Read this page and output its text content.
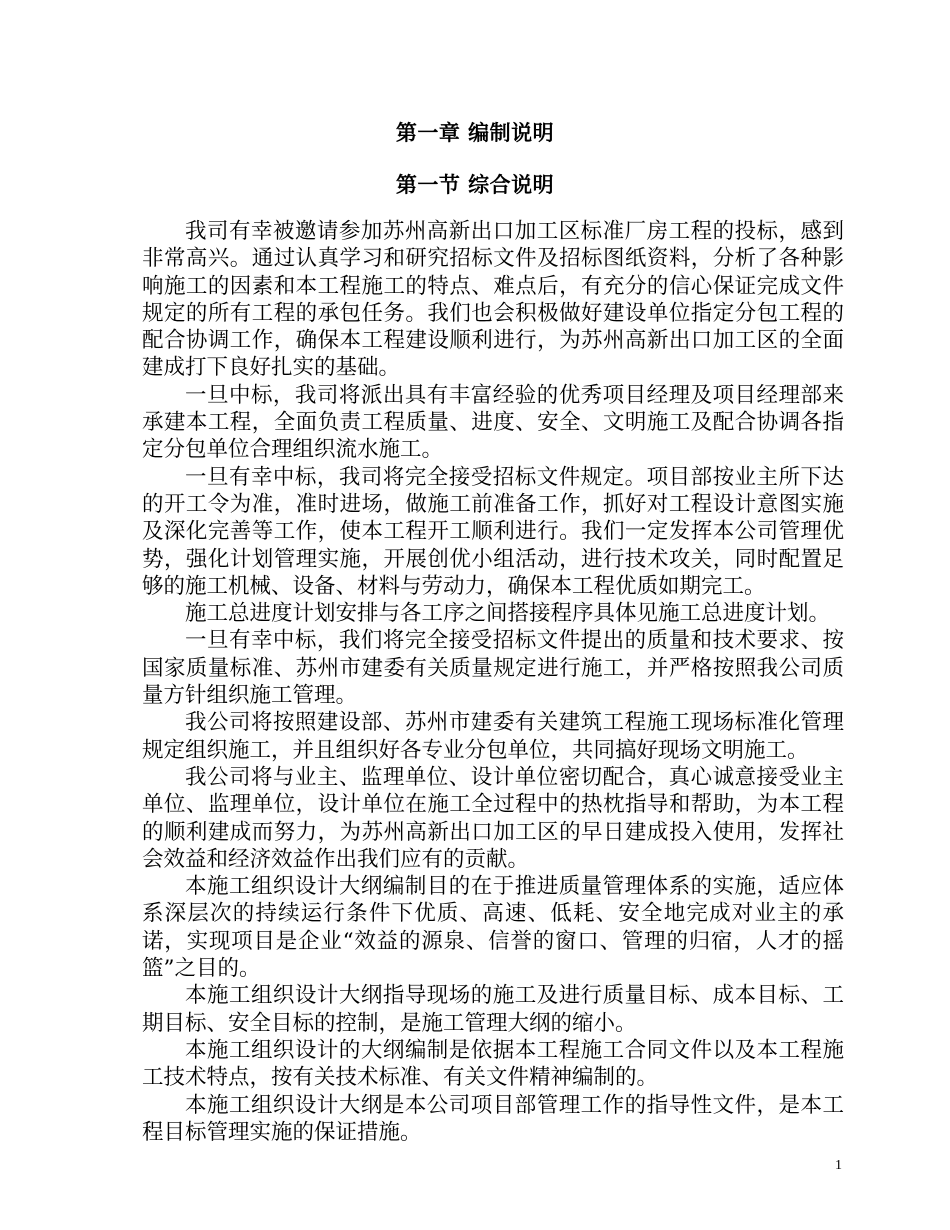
第一章 编制说明
第一节 综合说明

我司有幸被邀请参加苏州高新出口加工区标准厂房工程的投标，感到非常高兴。通过认真学习和研究招标文件及招标图纸资料，分析了各种影响施工的因素和本工程施工的特点、难点后，有充分的信心保证完成文件规定的所有工程的承包任务。我们也会积极做好建设单位指定分包工程的配合协调工作，确保本工程建设顺利进行，为苏州高新出口加工区的全面建成打下良好扎实的基础。

一旦中标，我司将派出具有丰富经验的优秀项目经理及项目经理部来承建本工程，全面负责工程质量、进度、安全、文明施工及配合协调各指定分包单位合理组织流水施工。

一旦有幸中标，我司将完全接受招标文件规定。项目部按业主所下达的开工令为准，准时进场，做施工前准备工作，抓好对工程设计意图实施及深化完善等工作，使本工程开工顺利进行。我们一定发挥本公司管理优势，强化计划管理实施，开展创优小组活动，进行技术攻关，同时配置足够的施工机械、设备、材料与劳动力，确保本工程优质如期完工。

施工总进度计划安排与各工序之间搭接程序具体见施工总进度计划。

一旦有幸中标，我们将完全接受招标文件提出的质量和技术要求、按国家质量标准、苏州市建委有关质量规定进行施工，并严格按照我公司质量方针组织施工管理。

我公司将按照建设部、苏州市建委有关建筑工程施工现场标准化管理规定组织施工，并且组织好各专业分包单位，共同搞好现场文明施工。

我公司将与业主、监理单位、设计单位密切配合，真心诚意接受业主单位、监理单位，设计单位在施工全过程中的热枕指导和帮助，为本工程的顺利建成而努力，为苏州高新出口加工区的早日建成投入使用，发挥社会效益和经济效益作出我们应有的贡献。

本施工组织设计大纲编制目的在于推进质量管理体系的实施，适应体系深层次的持续运行条件下优质、高速、低耗、安全地完成对业主的承诺，实现项目是企业“效益的源泉、信誉的窗口、管理的归宿，人才的摇篮”之目的。

本施工组织设计大纲指导现场的施工及进行质量目标、成本目标、工期目标、安全目标的控制，是施工管理大纲的缩小。

本施工组织设计的大纲编制是依据本工程施工合同文件以及本工程施工技术特点，按有关技术标准、有关文件精神编制的。

本施工组织设计大纲是本公司项目部管理工作的指导性文件，是本工程目标管理实施的保证措施。

1
